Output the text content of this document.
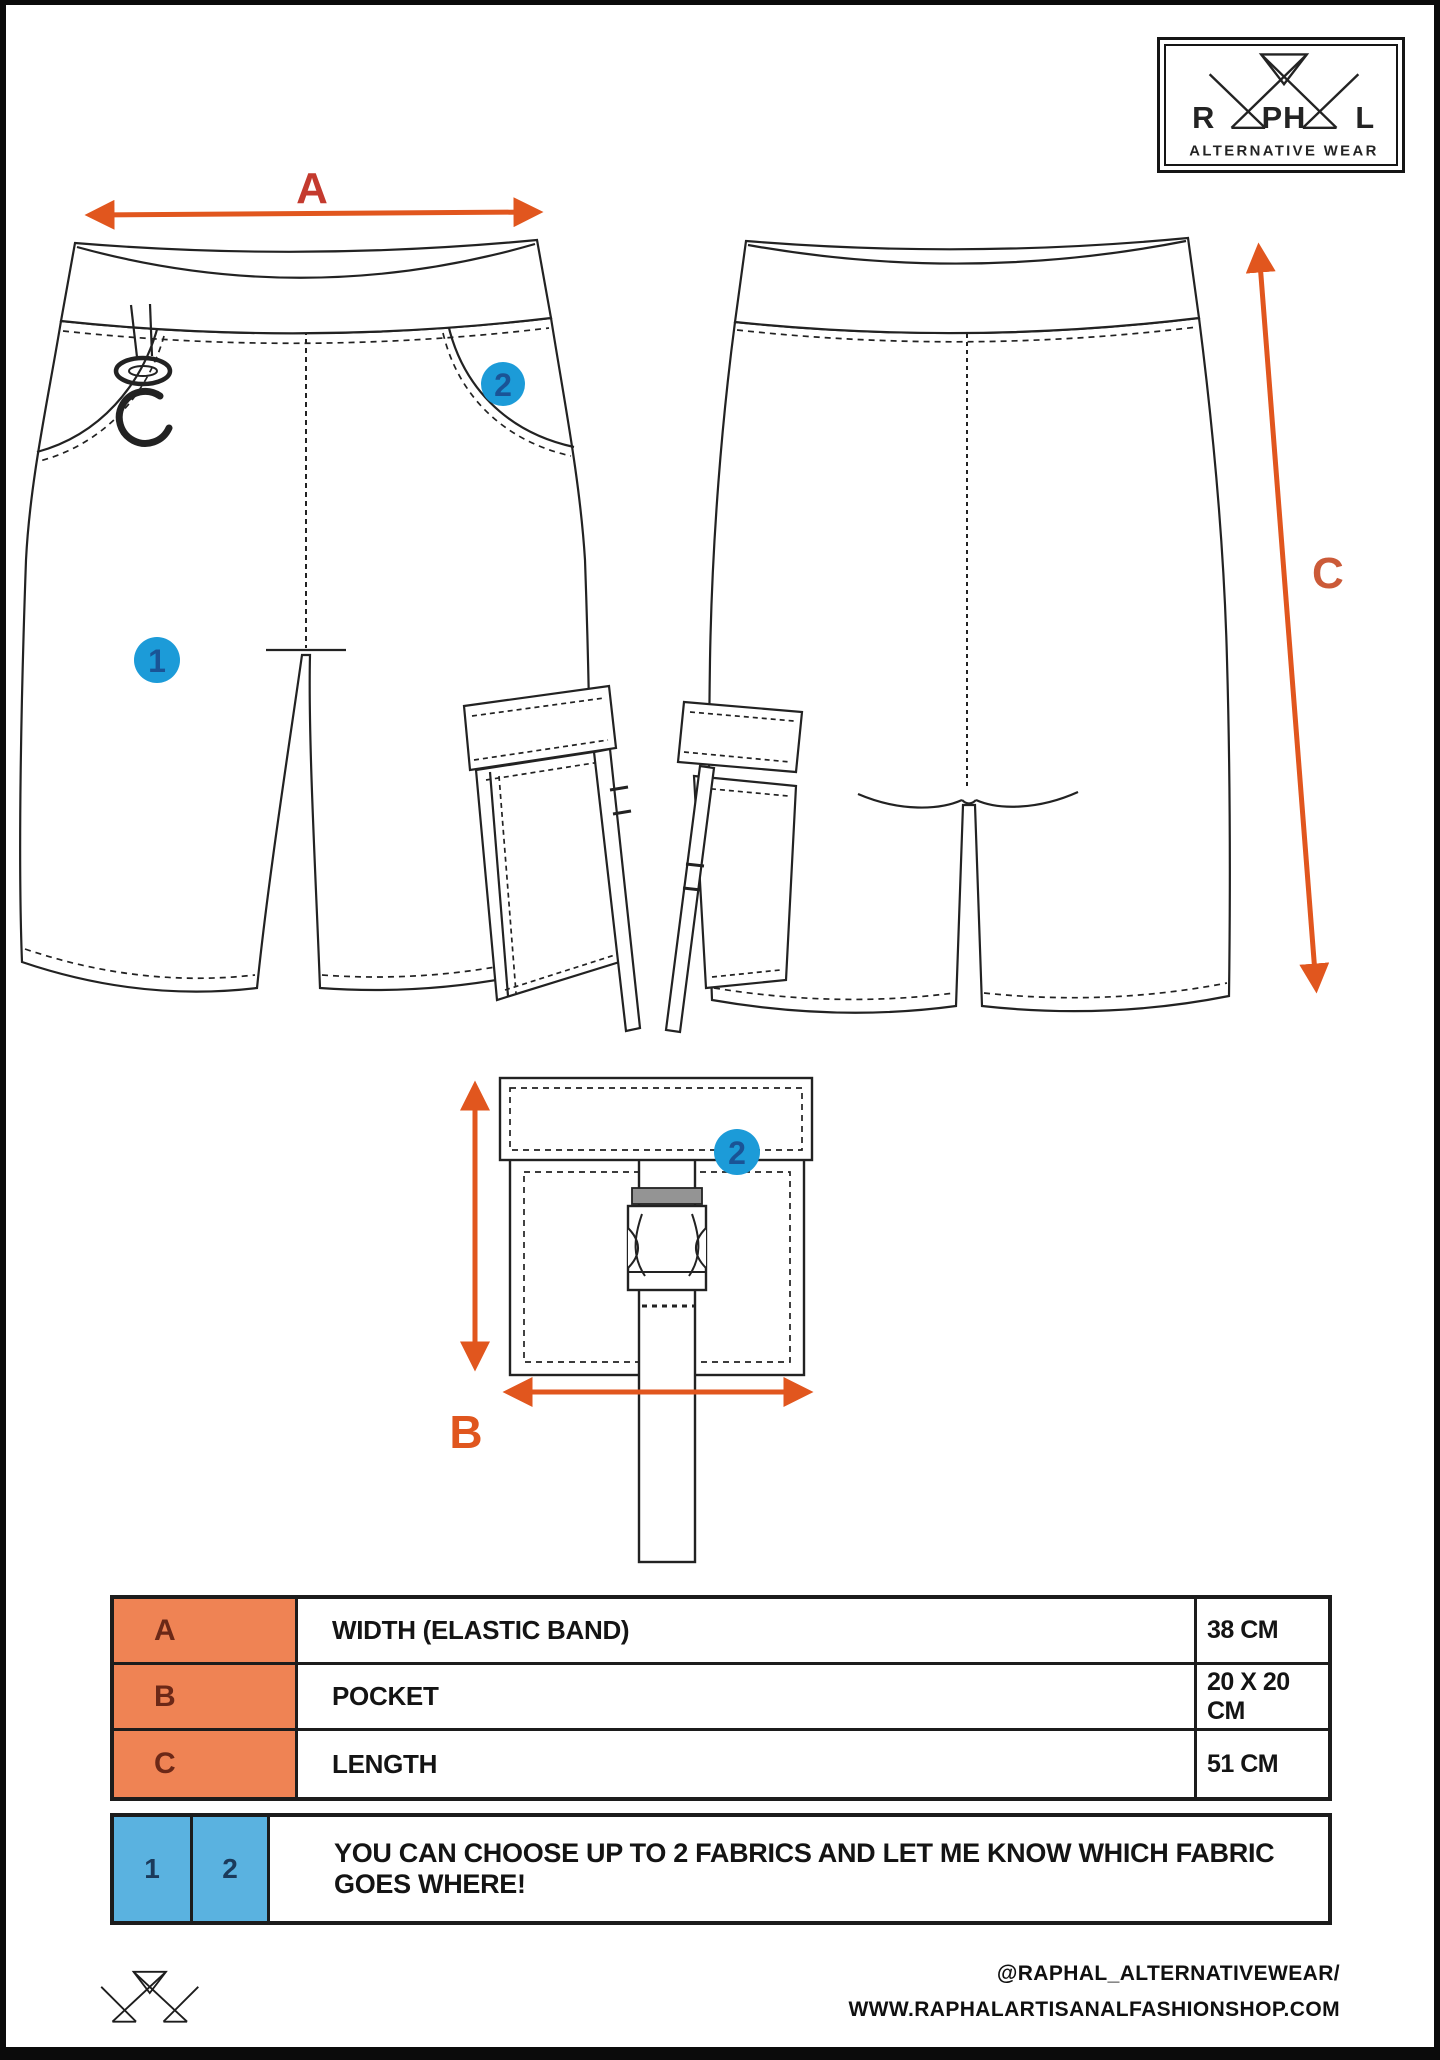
A
C
B
1
2
2
R PH L
ALTERNATIVE WEAR
A	WIDTH (ELASTIC BAND)	38 CM
B	POCKET	20 X 20 CM
C	LENGTH	51 CM
1	2	YOU CAN CHOOSE UP TO 2 FABRICS AND LET ME KNOW WHICH FABRIC GOES WHERE!
@RAPHAL_ALTERNATIVEWEAR/
WWW.RAPHALARTISANALFASHIONSHOP.COM
